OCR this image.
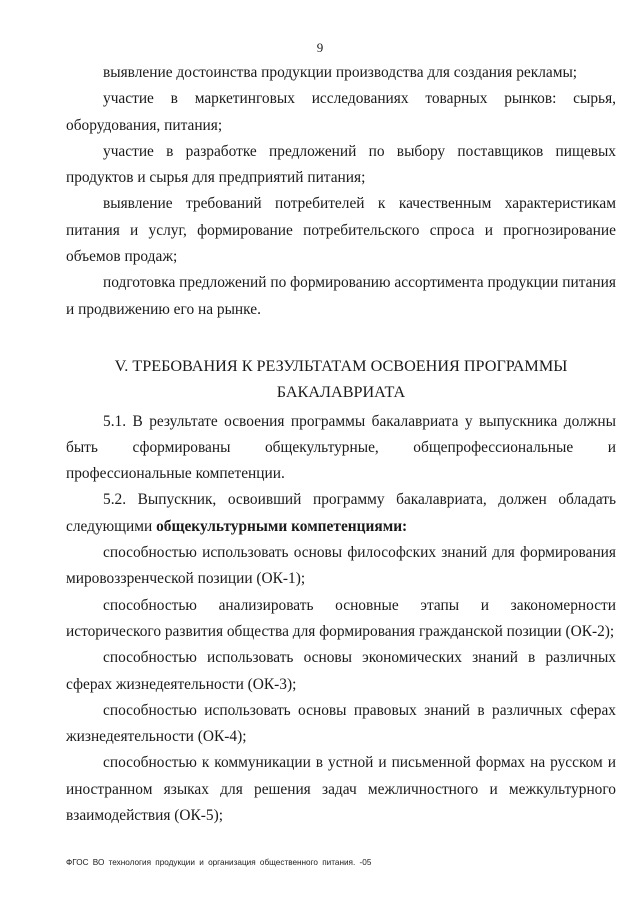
9

выявление достоинства продукции производства для создания рекламы;

участие в маркетинговых исследованиях товарных рынков: сырья, оборудования, питания;

участие в разработке предложений по выбору поставщиков пищевых продуктов и сырья для предприятий питания;

выявление требований потребителей к качественным характеристикам питания и услуг, формирование потребительского спроса и прогнозирование объемов продаж;

подготовка предложений по формированию ассортимента продукции питания и продвижению его на рынке.

V. ТРЕБОВАНИЯ К РЕЗУЛЬТАТАМ ОСВОЕНИЯ ПРОГРАММЫ
БАКАЛАВРИАТА

5.1. В результате освоения программы бакалавриата у выпускника должны быть сформированы общекультурные, общепрофессиональные и профессиональные компетенции.

5.2. Выпускник, освоивший программу бакалавриата, должен обладать следующими общекультурными компетенциями:

способностью использовать основы философских знаний для формирования мировоззренческой позиции (ОК-1);

способностью анализировать основные этапы и закономерности исторического развития общества для формирования гражданской позиции (ОК-2);

способностью использовать основы экономических знаний в различных сферах жизнедеятельности (ОК-3);

способностью использовать основы правовых знаний в различных сферах жизнедеятельности (ОК-4);

способностью к коммуникации в устной и письменной формах на русском и иностранном языках для решения задач межличностного и межкультурного взаимодействия (ОК-5);

ФГОС ВО технология продукции и организация общественного питания. -05
